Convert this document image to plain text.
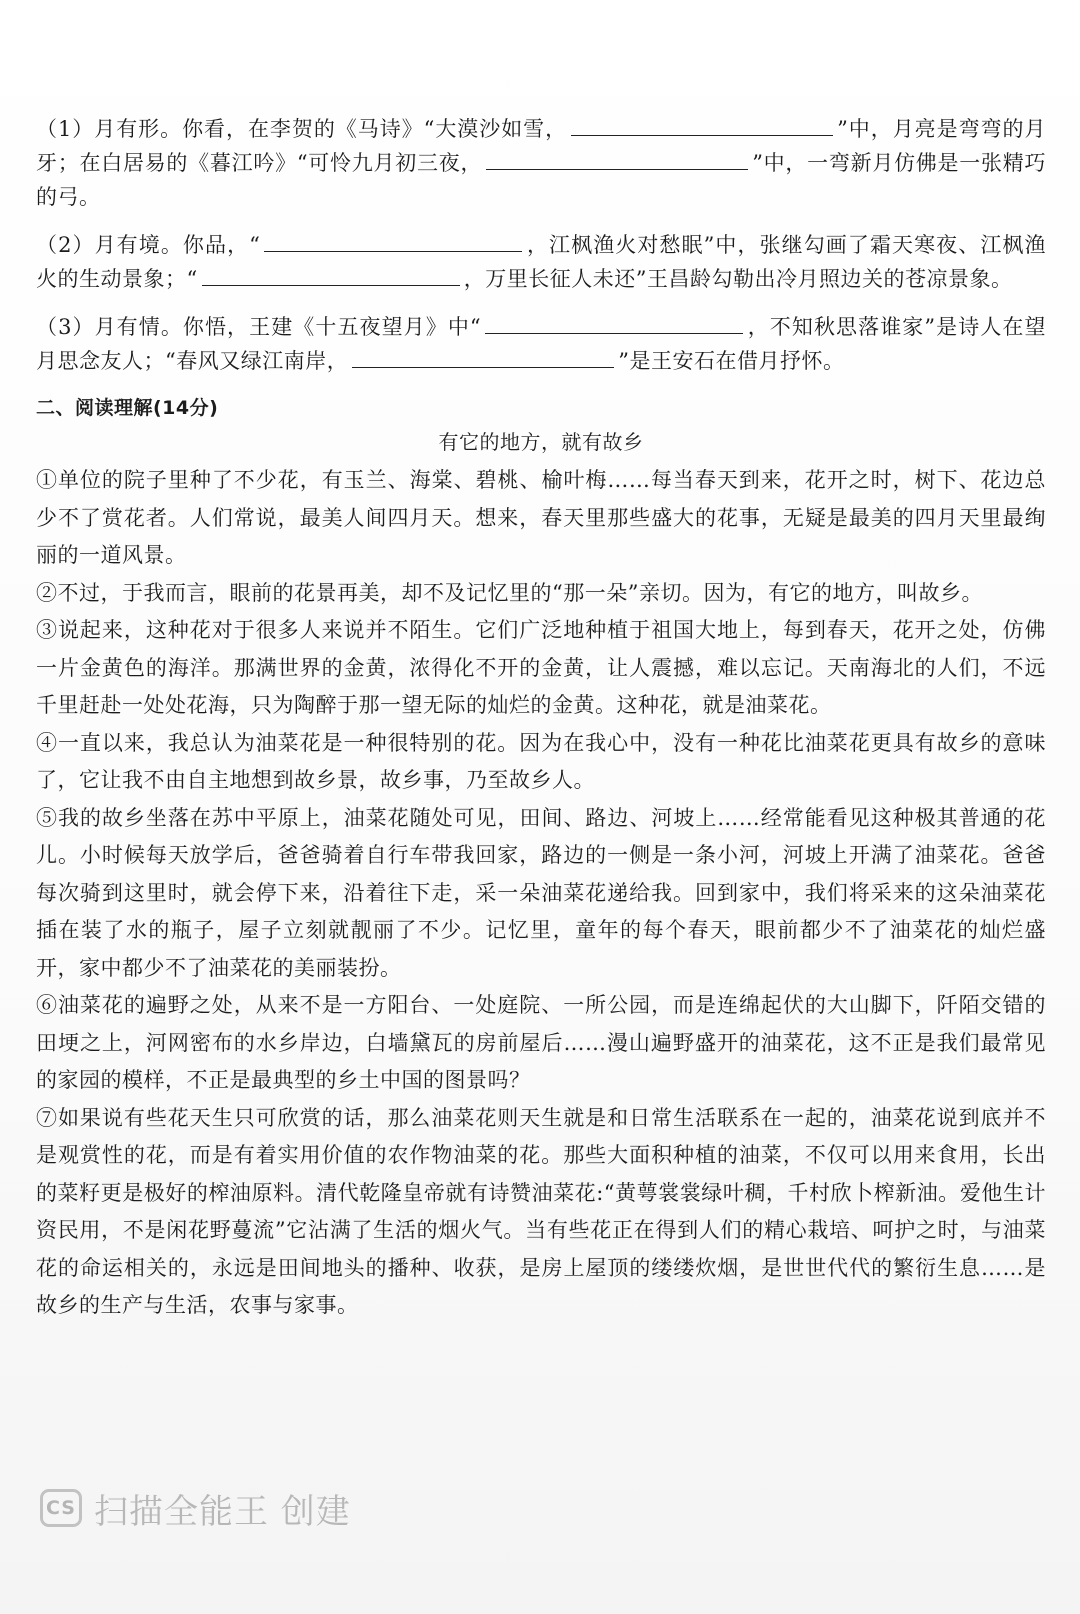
（1）月有形。你看，在李贺的《马诗》“大漠沙如雪，	”中，月亮是弯弯的月牙；在白居易的《暮江吟》“可怜九月初三夜，	”中，一弯新月仿佛是一张精巧的弓。

（2）月有境。你品，“	，江枫渔火对愁眠”中，张继勾画了霜天寒夜、江枫渔火的生动景象；“	，万里长征人未还”王昌龄勾勒出冷月照边关的苍凉景象。

（3）月有情。你悟，王建《十五夜望月》中“	，不知秋思落谁家”是诗人在望月思念友人；“春风又绿江南岸，	”是王安石在借月抒怀。

二、阅读理解(14分)
有它的地方，就有故乡

①单位的院子里种了不少花，有玉兰、海棠、碧桃、榆叶梅……每当春天到来，花开之时，树下、花边总少不了赏花者。人们常说，最美人间四月天。想来，春天里那些盛大的花事，无疑是最美的四月天里最绚丽的一道风景。

②不过，于我而言，眼前的花景再美，却不及记忆里的“那一朵”亲切。因为，有它的地方，叫故乡。

③说起来，这种花对于很多人来说并不陌生。它们广泛地种植于祖国大地上，每到春天，花开之处，仿佛一片金黄色的海洋。那满世界的金黄，浓得化不开的金黄，让人震撼，难以忘记。天南海北的人们，不远千里赶赴一处处花海，只为陶醉于那一望无际的灿烂的金黄。这种花，就是油菜花。

④一直以来，我总认为油菜花是一种很特别的花。因为在我心中，没有一种花比油菜花更具有故乡的意味了，它让我不由自主地想到故乡景，故乡事，乃至故乡人。

⑤我的故乡坐落在苏中平原上，油菜花随处可见，田间、路边、河坡上……经常能看见这种极其普通的花儿。小时候每天放学后，爸爸骑着自行车带我回家，路边的一侧是一条小河，河坡上开满了油菜花。爸爸每次骑到这里时，就会停下来，沿着往下走，采一朵油菜花递给我。回到家中，我们将采来的这朵油菜花插在装了水的瓶子，屋子立刻就靓丽了不少。记忆里，童年的每个春天，眼前都少不了油菜花的灿烂盛开，家中都少不了油菜花的美丽装扮。

⑥油菜花的遍野之处，从来不是一方阳台、一处庭院、一所公园，而是连绵起伏的大山脚下，阡陌交错的田埂之上，河网密布的水乡岸边，白墙黛瓦的房前屋后……漫山遍野盛开的油菜花，这不正是我们最常见的家园的模样，不正是最典型的乡土中国的图景吗？

⑦如果说有些花天生只可欣赏的话，那么油菜花则天生就是和日常生活联系在一起的，油菜花说到底并不是观赏性的花，而是有着实用价值的农作物油菜的花。那些大面积种植的油菜，不仅可以用来食用，长出的菜籽更是极好的榨油原料。清代乾隆皇帝就有诗赞油菜花:“黄萼裳裳绿叶稠，千村欣卜榨新油。爱他生计资民用，不是闲花野蔓流”它沾满了生活的烟火气。当有些花正在得到人们的精心栽培、呵护之时，与油菜花的命运相关的，永远是田间地头的播种、收获，是房上屋顶的缕缕炊烟，是世世代代的繁衍生息……是故乡的生产与生活，农事与家事。

CS 扫描全能王 创建
